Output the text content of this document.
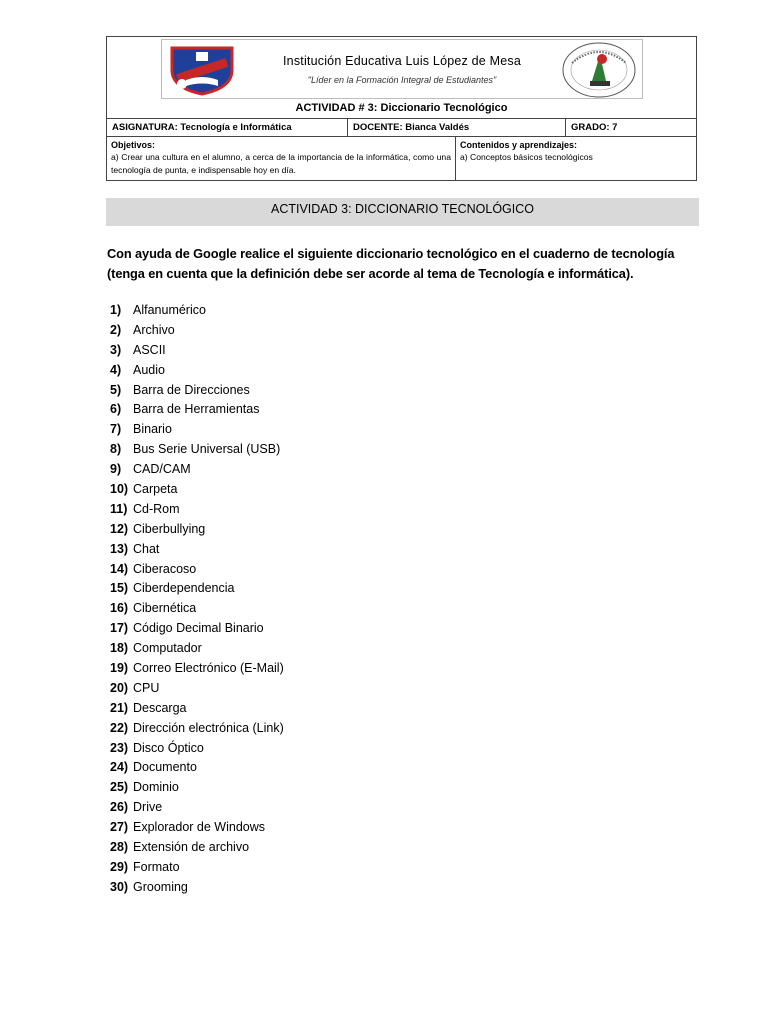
Institución Educativa Luis López de Mesa
"Líder en la Formación Integral de Estudiantes"
ACTIVIDAD # 3: Diccionario Tecnológico
ASIGNATURA: Tecnología e Informática	DOCENTE: Bianca Valdés	GRADO: 7
Objetivos:
a) Crear una cultura en el alumno, a cerca de la importancia de la informática, como una tecnología de punta, e indispensable hoy en día.
Contenidos y aprendizajes:
a) Conceptos básicos tecnológicos
ACTIVIDAD 3: DICCIONARIO TECNOLÓGICO
Con ayuda de Google realice el siguiente diccionario tecnológico en el cuaderno de tecnología (tenga en cuenta que la definición debe ser acorde al tema de Tecnología e informática).
1) Alfanumérico
2) Archivo
3) ASCII
4) Audio
5) Barra de Direcciones
6) Barra de Herramientas
7) Binario
8) Bus Serie Universal (USB)
9) CAD/CAM
10) Carpeta
11) Cd-Rom
12) Ciberbullying
13) Chat
14) Ciberacoso
15) Ciberdependencia
16) Cibernética
17) Código Decimal Binario
18) Computador
19) Correo Electrónico (E-Mail)
20) CPU
21) Descarga
22) Dirección electrónica (Link)
23) Disco Óptico
24) Documento
25) Dominio
26) Drive
27) Explorador de Windows
28) Extensión de archivo
29) Formato
30) Grooming
